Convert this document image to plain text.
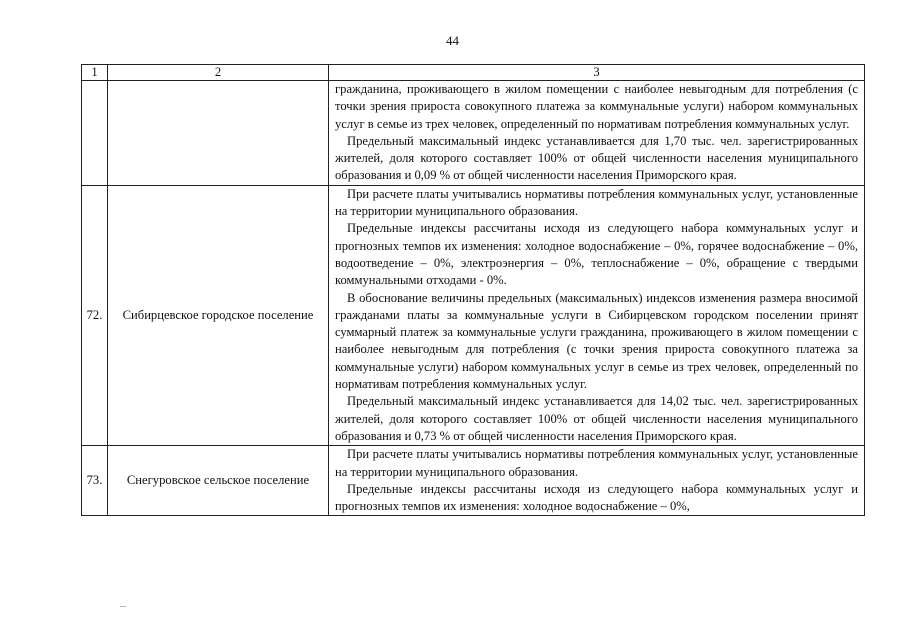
44
1	2	3

		гражданина, проживающего в жилом помещении с наиболее невыгодным для потребления (с точки зрения прироста совокупного платежа за коммунальные услуги) набором коммунальных услуг в семье из трех человек, определенный по нормативам потребления коммунальных услуг.

Предельный максимальный индекс устанавливается для 1,70 тыс. чел. зарегистрированных жителей, доля которого составляет 100% от общей численности населения муниципального образования и 0,09 % от общей численности населения Приморского края.

72.	Сибирцевское городское поселение	При расчете платы учитывались нормативы потребления коммунальных услуг, установленные на территории муниципального образования.

Предельные индексы рассчитаны исходя из следующего набора коммунальных услуг и прогнозных темпов их изменения: холодное водоснабжение – 0%, горячее водоснабжение – 0%, водоотведение – 0%, электроэнергия – 0%, теплоснабжение – 0%, обращение с твердыми коммунальными отходами - 0%.

В обоснование величины предельных (максимальных) индексов изменения размера вносимой гражданами платы за коммунальные услуги в Сибирцевском городском поселении принят суммарный платеж за коммунальные услуги гражданина, проживающего в жилом помещении с наиболее невыгодным для потребления (с точки зрения прироста совокупного платежа за коммунальные услуги) набором коммунальных услуг в семье из трех человек, определенный по нормативам потребления коммунальных услуг.

Предельный максимальный индекс устанавливается для 14,02 тыс. чел. зарегистрированных жителей, доля которого составляет 100% от общей численности населения муниципального образования и 0,73 % от общей численности населения Приморского края.

73.	Снегуровское сельское поселение	При расчете платы учитывались нормативы потребления коммунальных услуг, установленные на территории муниципального образования.

Предельные индексы рассчитаны исходя из следующего набора коммунальных услуг и прогнозных темпов их изменения: холодное водоснабжение – 0%,
